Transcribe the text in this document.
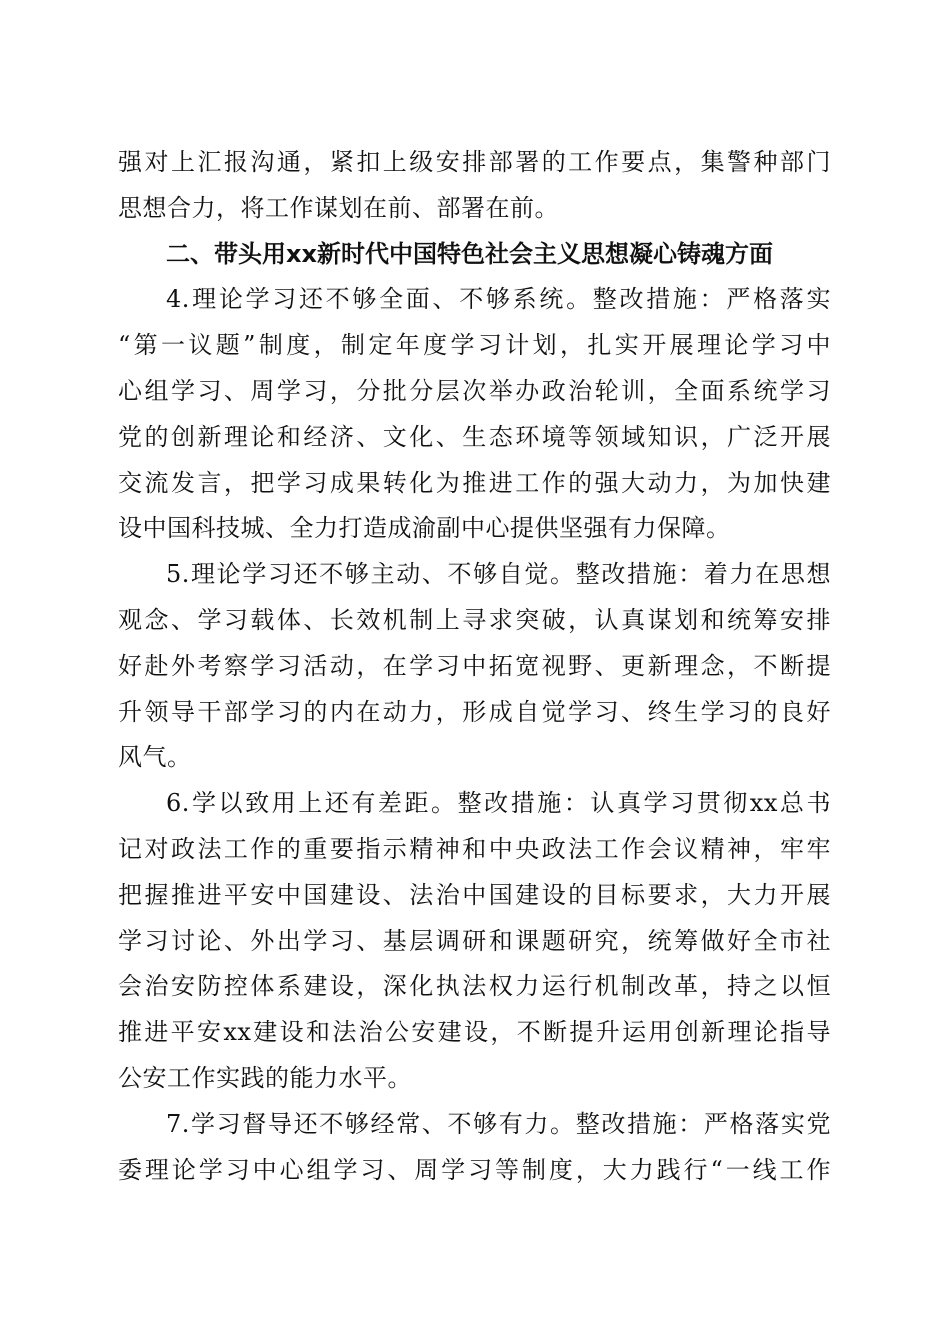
强对上汇报沟通，紧扣上级安排部署的工作要点，集警种部门
思想合力，将工作谋划在前、部署在前。
二、带头用xx新时代中国特色社会主义思想凝心铸魂方面
4.理论学习还不够全面、不够系统。整改措施：严格落实
“第一议题”制度，制定年度学习计划，扎实开展理论学习中
心组学习、周学习，分批分层次举办政治轮训，全面系统学习
党的创新理论和经济、文化、生态环境等领域知识，广泛开展
交流发言，把学习成果转化为推进工作的强大动力，为加快建
设中国科技城、全力打造成渝副中心提供坚强有力保障。
5.理论学习还不够主动、不够自觉。整改措施：着力在思想
观念、学习载体、长效机制上寻求突破，认真谋划和统筹安排
好赴外考察学习活动，在学习中拓宽视野、更新理念，不断提
升领导干部学习的内在动力，形成自觉学习、终生学习的良好
风气。
6.学以致用上还有差距。整改措施：认真学习贯彻xx总书
记对政法工作的重要指示精神和中央政法工作会议精神，牢牢
把握推进平安中国建设、法治中国建设的目标要求，大力开展
学习讨论、外出学习、基层调研和课题研究，统筹做好全市社
会治安防控体系建设，深化执法权力运行机制改革，持之以恒
推进平安xx建设和法治公安建设，不断提升运用创新理论指导
公安工作实践的能力水平。
7.学习督导还不够经常、不够有力。整改措施：严格落实党
委理论学习中心组学习、周学习等制度，大力践行“一线工作
